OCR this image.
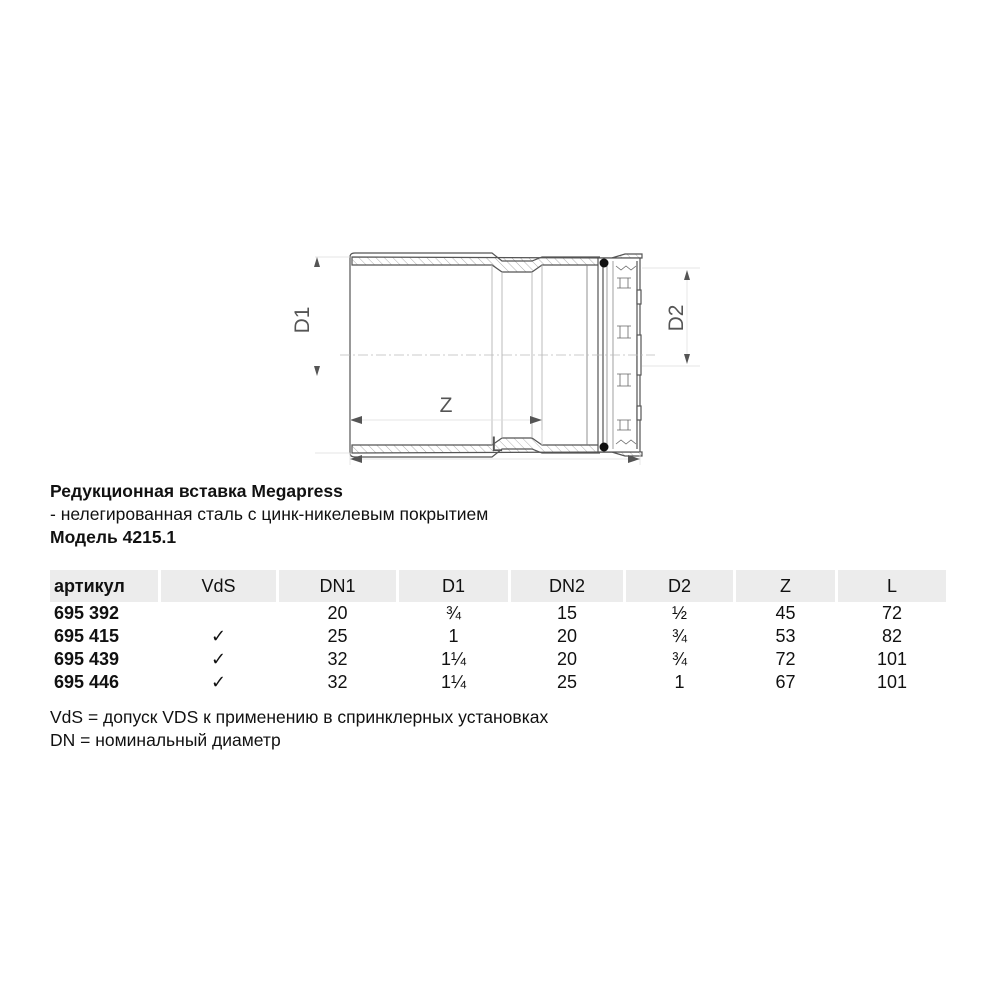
D1	D2
Z
L
Редукционная вставка Megapress
- нелегированная сталь с цинк-никелевым покрытием
Модель 4215.1
артикул	VdS	DN1	D1	DN2	D2	Z	L
695 392		20	¾	15	½	45	72
695 415	✓	25	1	20	¾	53	82
695 439	✓	32	1¼	20	¾	72	101
695 446	✓	32	1¼	25	1	67	101
VdS = допуск VDS к применению в спринклерных установках
DN = номинальный диаметр
